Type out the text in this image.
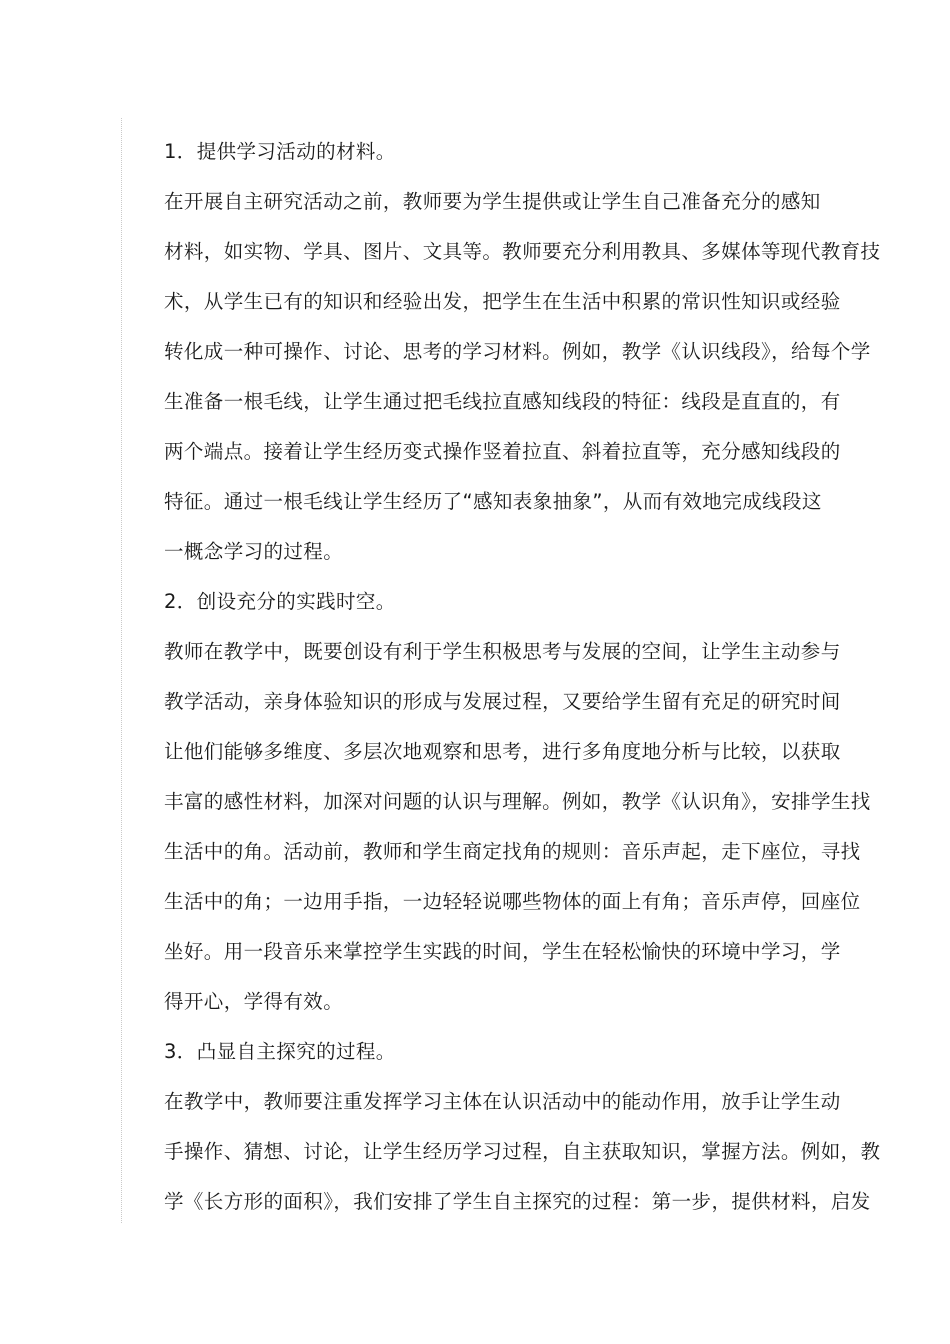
1．提供学习活动的材料。
在开展自主研究活动之前，教师要为学生提供或让学生自己准备充分的感知
材料，如实物、学具、图片、文具等。教师要充分利用教具、多媒体等现代教育技
术，从学生已有的知识和经验出发，把学生在生活中积累的常识性知识或经验
转化成一种可操作、讨论、思考的学习材料。例如，教学《认识线段》，给每个学
生准备一根毛线，让学生通过把毛线拉直感知线段的特征：线段是直直的，有
两个端点。接着让学生经历变式操作竖着拉直、斜着拉直等，充分感知线段的
特征。通过一根毛线让学生经历了“感知表象抽象”，从而有效地完成线段这
一概念学习的过程。
2．创设充分的实践时空。
教师在教学中，既要创设有利于学生积极思考与发展的空间，让学生主动参与
教学活动，亲身体验知识的形成与发展过程，又要给学生留有充足的研究时间
让他们能够多维度、多层次地观察和思考，进行多角度地分析与比较，以获取
丰富的感性材料，加深对问题的认识与理解。例如，教学《认识角》，安排学生找
生活中的角。活动前，教师和学生商定找角的规则：音乐声起，走下座位，寻找
生活中的角；一边用手指，一边轻轻说哪些物体的面上有角；音乐声停，回座位
坐好。用一段音乐来掌控学生实践的时间，学生在轻松愉快的环境中学习，学
得开心，学得有效。
3．凸显自主探究的过程。
在教学中，教师要注重发挥学习主体在认识活动中的能动作用，放手让学生动
手操作、猜想、讨论，让学生经历学习过程，自主获取知识，掌握方法。例如，教
学《长方形的面积》，我们安排了学生自主探究的过程：第一步，提供材料，启发
